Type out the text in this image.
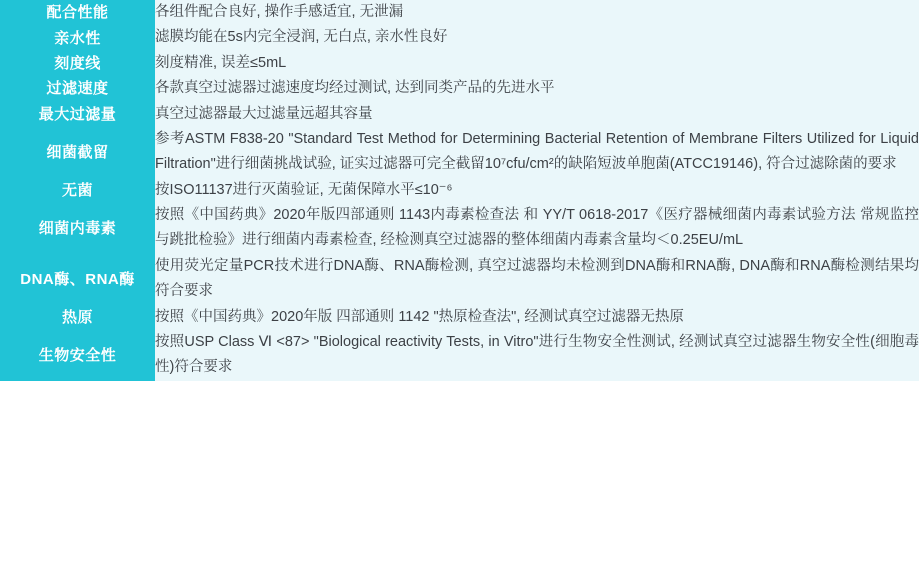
配合性能	各组件配合良好, 操作手感适宜, 无泄漏

亲水性	滤膜均能在5s内完全浸润, 无白点, 亲水性良好

刻度线	刻度精准, 误差≤5mL

过滤速度	各款真空过滤器过滤速度均经过测试, 达到同类产品的先进水平

最大过滤量	真空过滤器最大过滤量远超其容量

细菌截留	参考ASTM F838-20 "Standard Test Method for Determining Bacterial Retention of Membrane Filters Utilized for Liquid Filtration"进行细菌挑战试验, 证实过滤器可完全截留10⁷cfu/cm²的缺陷短波单胞菌(ATCC19146), 符合过滤除菌的要求

无菌	按ISO11137进行灭菌验证, 无菌保障水平≤10⁻⁶

细菌内毒素	按照《中国药典》2020年版四部通则 1143内毒素检查法 和 YY/T 0618-2017《医疗器械细菌内毒素试验方法 常规监控与跳批检验》进行细菌内毒素检查, 经检测真空过滤器的整体细菌内毒素含量均＜0.25EU/mL

DNA酶、RNA酶	使用荧光定量PCR技术进行DNA酶、RNA酶检测, 真空过滤器均未检测到DNA酶和RNA酶, DNA酶和RNA酶检测结果均符合要求

热原	按照《中国药典》2020年版 四部通则 1142 "热原检查法", 经测试真空过滤器无热原

生物安全性	按照USP Class Ⅵ <87> "Biological reactivity Tests, in Vitro"进行生物安全性测试, 经测试真空过滤器生物安全性(细胞毒性)符合要求
